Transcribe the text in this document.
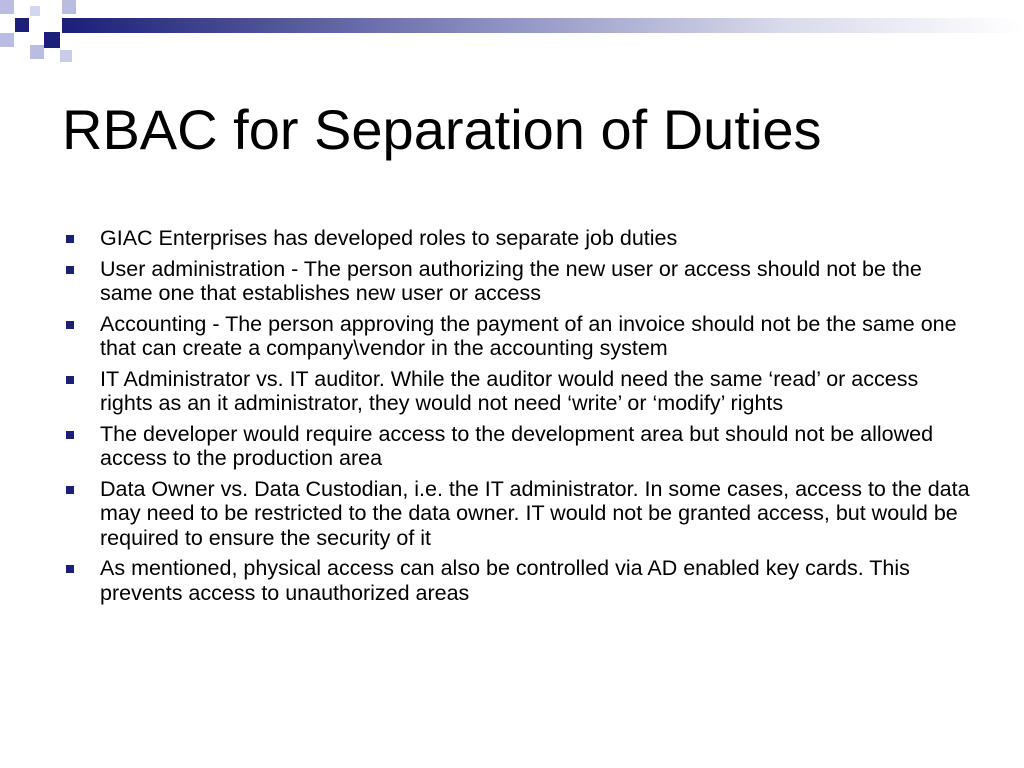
RBAC for Separation of Duties
GIAC Enterprises has developed roles to separate job duties
User administration - The person authorizing the new user or access should not be the same one that establishes new user or access
Accounting - The person approving the payment of an invoice should not be the same one that can create a company\vendor in the accounting system
IT Administrator vs. IT auditor. While the auditor would need the same ‘read’ or access rights as an it administrator, they would not need ‘write’ or ‘modify’ rights
The developer would require access to the development area but should not be allowed access to the production area
Data Owner vs. Data Custodian, i.e. the IT administrator. In some cases, access to the data may need to be restricted to the data owner. IT would not be granted access, but would be required to ensure the security of it
As mentioned, physical access can also be controlled via AD enabled key cards. This prevents access to unauthorized areas
